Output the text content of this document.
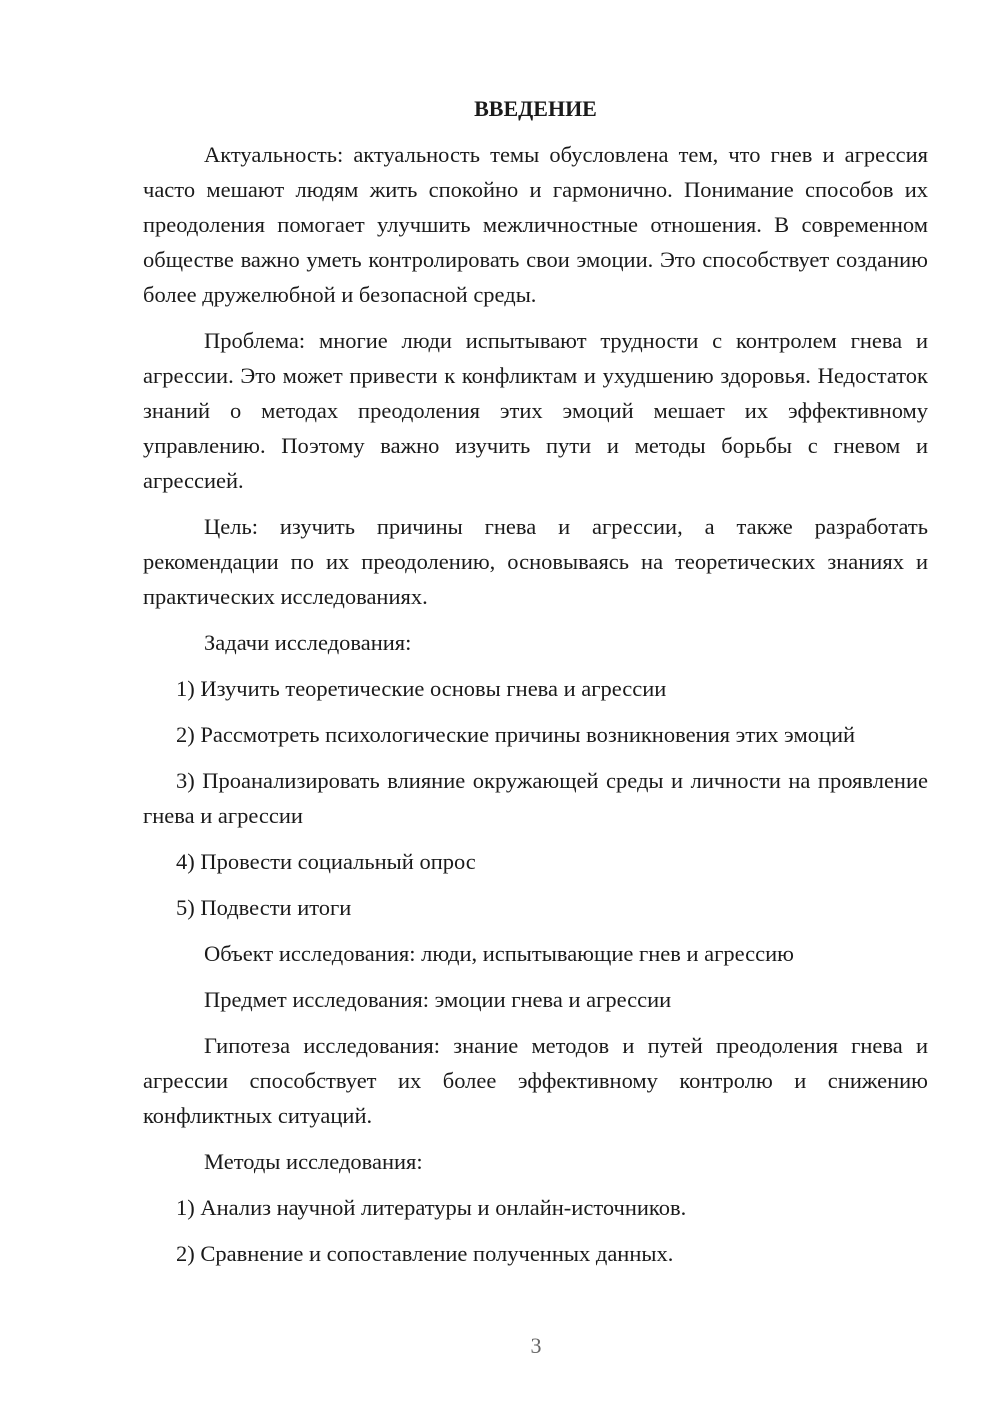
ВВЕДЕНИЕ

Актуальность: актуальность темы обусловлена тем, что гнев и агрессия часто мешают людям жить спокойно и гармонично. Понимание способов их преодоления помогает улучшить межличностные отношения. В современном обществе важно уметь контролировать свои эмоции. Это способствует созданию более дружелюбной и безопасной среды.

Проблема: многие люди испытывают трудности с контролем гнева и агрессии. Это может привести к конфликтам и ухудшению здоровья. Недостаток знаний о методах преодоления этих эмоций мешает их эффективному управлению. Поэтому важно изучить пути и методы борьбы с гневом и агрессией.

Цель: изучить причины гнева и агрессии, а также разработать рекомендации по их преодолению, основываясь на теоретических знаниях и практических исследованиях.

Задачи исследования:

1) Изучить теоретические основы гнева и агрессии

2) Рассмотреть психологические причины возникновения этих эмоций

3) Проанализировать влияние окружающей среды и личности на проявление гнева и агрессии

4) Провести социальный опрос

5) Подвести итоги

Объект исследования: люди, испытывающие гнев и агрессию

Предмет исследования: эмоции гнева и агрессии

Гипотеза исследования: знание методов и путей преодоления гнева и агрессии способствует их более эффективному контролю и снижению конфликтных ситуаций.

Методы исследования:

1) Анализ научной литературы и онлайн-источников.

2) Сравнение и сопоставление полученных данных.

3
